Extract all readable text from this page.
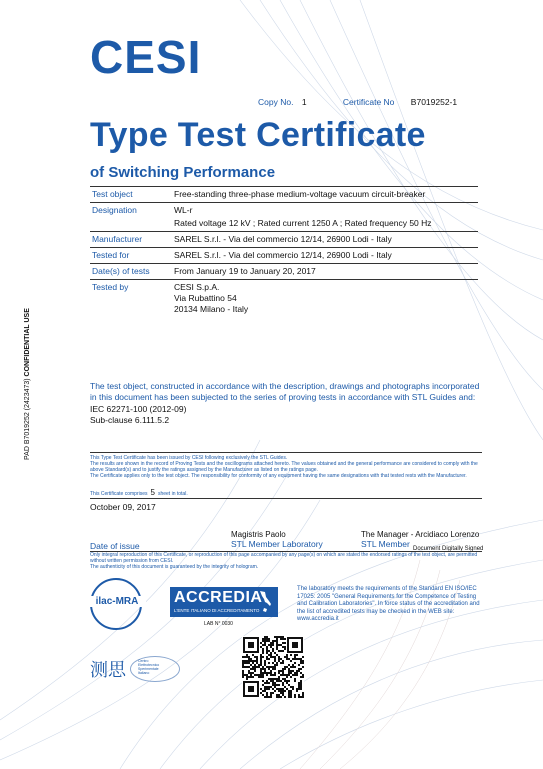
CESI
Copy No. 1	Certificate No B7019252-1
Type Test Certificate
of Switching Performance
Test object	Free-standing three-phase medium-voltage vacuum circuit-breaker
Designation	WL-r
Rated voltage 12 kV ; Rated current 1250 A ; Rated frequency 50 Hz

Manufacturer	SAREL S.r.l. - Via del commercio 12/14, 26900 Lodi - Italy
Tested for	SAREL S.r.l. - Via del commercio 12/14, 26900 Lodi - Italy
Date(s) of tests	From January 19 to January 20, 2017
Tested by	CESI S.p.A.
Via Rubattino 54
20134 Milano - Italy
The test object, constructed in accordance with the description, drawings and photographs incorporated in this document has been subjected to the series of proving tests in accordance with STL Guides and:
IEC 62271-100 (2012-09)
Sub-clause 6.111.5.2
This Type Test Certificate has been issued by CESI following exclusively the STL Guides.
The results are shown in the record of Proving Tests and the oscillograms attached hereto. The values obtained and the general performance are considered to comply with the above Standard(s) and to justify the ratings assigned by the Manufacturer as listed on the ratings page.
The Certificate applies only to the test object. The responsibility for conformity of any equipment having the same designations with that tested rests with the Manufacturer.
This Certificate comprises 5 sheet in total.
October 09, 2017
Magistris Paolo
STL Member Laboratory
The Manager - Arcidiaco Lorenzo
STL Member
Date of issue	Document Digitally Signed
Only integral reproduction of this Certificate, or reproduction of this page accompanied by any page(s) on which are stated the endorsed ratings of the test object, are permitted without written permission from CESI.
The authenticity of this document is guaranteed by the integrity of hologram.
ilac-MRA	ACCREDIA
L'ENTE ITALIANO DI ACCREDITAMENTO
LAB N° 0030
The laboratory meets the requirements of the Standard EN ISO/IEC 17025: 2005 "General Requirements for the Competence of Testing and Calibration Laboratories". In force status of the accreditation and the list of accredited tests may be checked in the WEB site: www.accredia.it
测思	Centro
Elettrotecnico
Sperimentale
Italiano
PAD B7019252 (2423473) CONFIDENTIAL USE
